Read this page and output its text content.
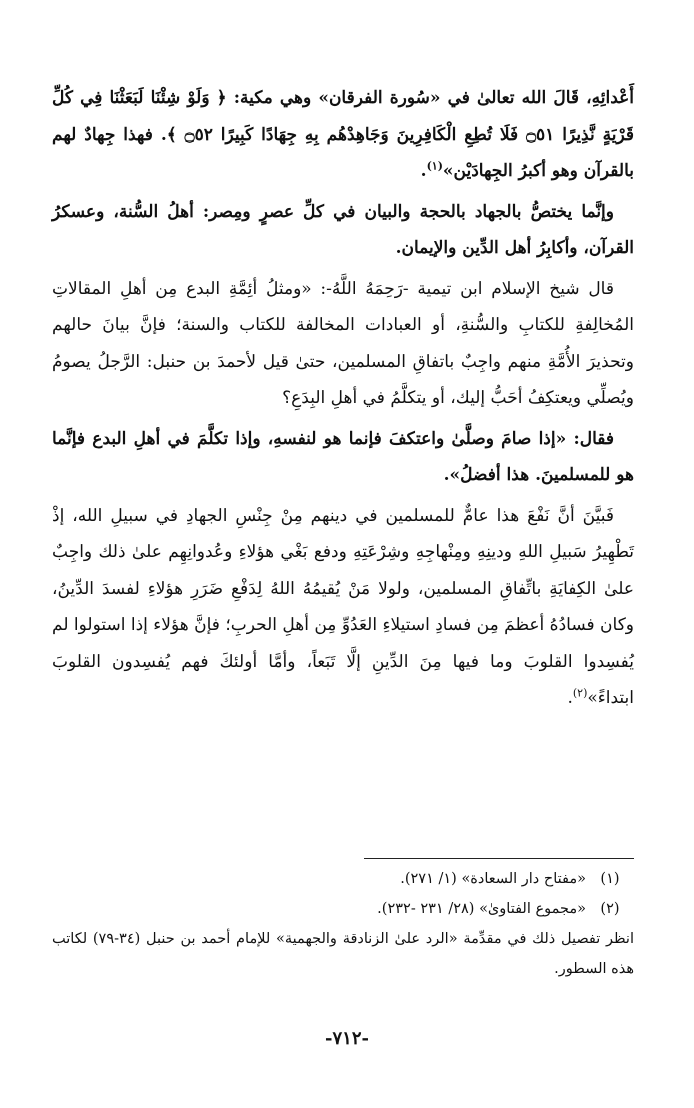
أَعْدائِهِ، قَالَ الله تعالىٰ في «سُورة الفرقان» وهي مكية: ﴿ وَلَوْ شِئْنَا لَبَعَثْنَا فِي كُلِّ قَرْيَةٍ نَّذِيرًا ۝٥١ فَلَا تُطِعِ الْكَافِرِينَ وَجَاهِدْهُم بِهِ جِهَادًا كَبِيرًا ۝٥٢ ﴾. فهذا جِهادٌ لهم بالقرآن وهو أكبرُ الجِهادَيْن»$^{(١)}$.

وإنَّما يختصُّ بالجهاد بالحجة والبيان في كلِّ عصرٍ ومِصر: أهلُ السُّنة، وعسكرُ القرآن، وأكابِرُ أهل الدِّين والإيمان.

قال شيخ الإسلام ابن تيمية -رَحِمَهُ اللَّهُ-: «ومثلُ أئِمَّةِ البدع مِن أهلِ المقالاتِ المُخالِفةِ للكتابِ والسُّنةِ، أو العبادات المخالفة للكتاب والسنة؛ فإنَّ بيانَ حالهم وتحذيرَ الأُمَّةِ منهم واجِبٌ باتفاقِ المسلمين، حتىٰ قيل لأحمدَ بن حنبل: الرَّجلُ يصومُ ويُصلِّي ويعتكِفُ أحَبُّ إليك، أو يتكلَّمُ في أهلِ البِدَعِ؟

فقال: «إذا صامَ وصلَّىٰ واعتكفَ فإنما هو لنفسهِ، وإذا تكلَّمَ في أهلِ البدع فإنَّما هو للمسلمينَ. هذا أفضلُ».

فَبيَّنَ أنَّ نَفْعَ هذا عامٌّ للمسلمين في دينهم مِنْ جِنْسِ الجهادِ في سبيلِ الله، إذْ تَطْهِيرُ سَبيلِ اللهِ ودينِهِ ومِنْهاجِهِ وشِرْعَتِهِ ودفع بَغْي هؤلاءِ وعُدوانِهِم علىٰ ذلك واجِبٌ علىٰ الكِفايَةِ باتِّفاقِ المسلمين، ولولا مَنْ يُقيمُهُ اللهُ لِدَفْعِ ضَرَرِ هؤلاءِ لفسدَ الدِّينُ، وكان فسادُهُ أعظمَ مِن فسادِ استيلاءِ العَدُوِّ مِن أهلِ الحربِ؛ فإنَّ هؤلاء إذا استولوا لم يُفسِدوا القلوبَ وما فيها مِنَ الدِّينِ إلَّا تَبَعاً، وأمَّا أولئكَ فهم يُفسِدون القلوبَ ابتداءً»$^{(٢)}$.

(١)
«مفتاح دار السعادة» (١/ ٢٧١).
(٢)
«مجموع الفتاوىٰ» (٢٨/ ٢٣١ -٢٣٢).
انظر تفصيل ذلك في مقدِّمة «الرد علىٰ الزنادقة والجهمية» للإمام أحمد بن حنبل (٣٤-٧٩) لكاتب هذه السطور.
-٧١٢-
